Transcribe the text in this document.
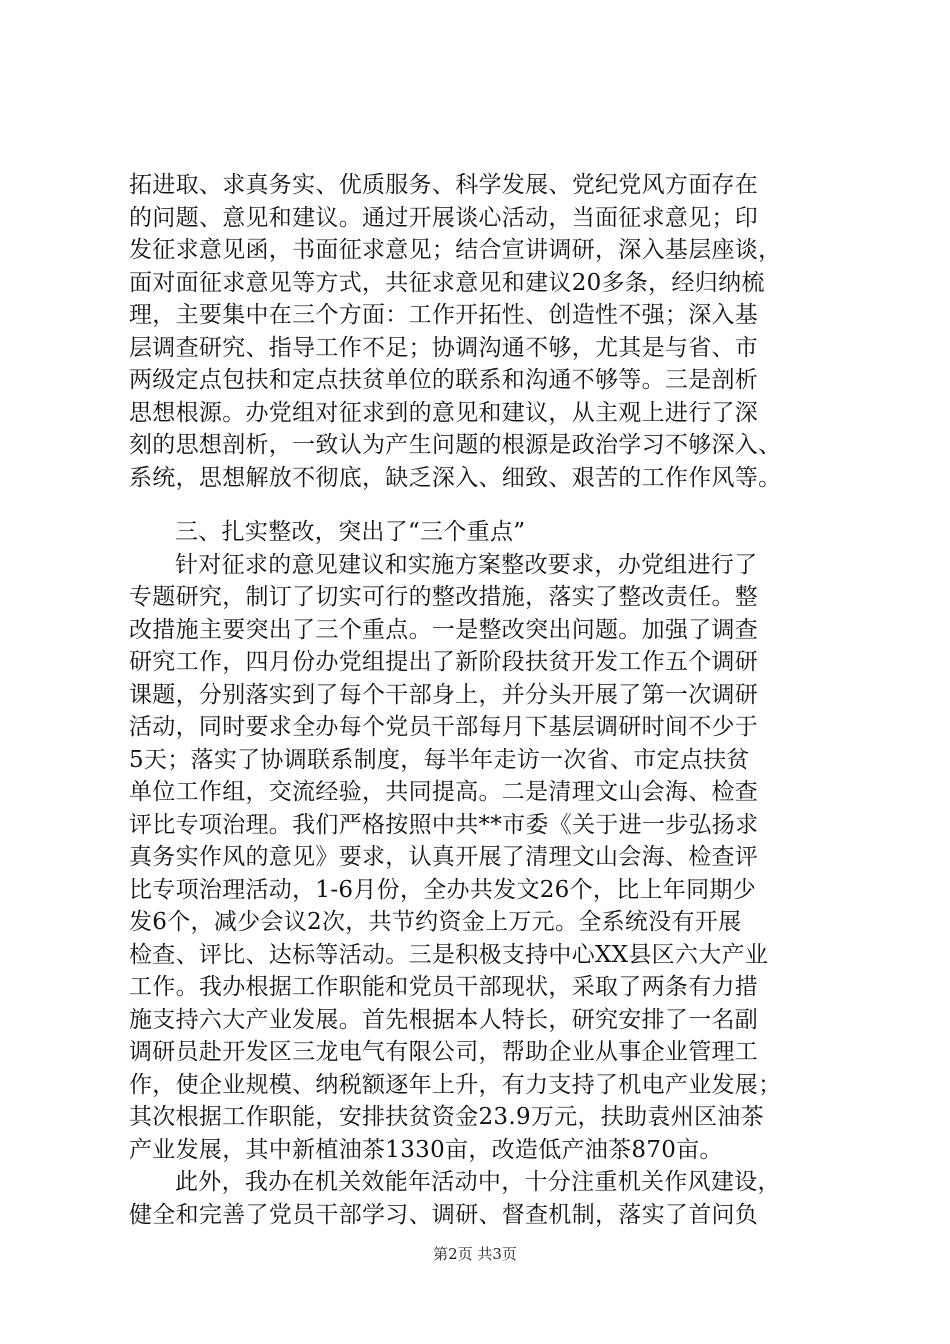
拓进取、求真务实、优质服务、科学发展、党纪党风方面存在
的问题、意见和建议。通过开展谈心活动，当面征求意见；印
发征求意见函，书面征求意见；结合宣讲调研，深入基层座谈，
面对面征求意见等方式，共征求意见和建议20多条，经归纳梳
理，主要集中在三个方面：工作开拓性、创造性不强；深入基
层调查研究、指导工作不足；协调沟通不够，尤其是与省、市
两级定点包扶和定点扶贫单位的联系和沟通不够等。三是剖析
思想根源。办党组对征求到的意见和建议，从主观上进行了深
刻的思想剖析，一致认为产生问题的根源是政治学习不够深入、
系统，思想解放不彻底，缺乏深入、细致、艰苦的工作作风等。
三、扎实整改，突出了“三个重点”
针对征求的意见建议和实施方案整改要求，办党组进行了
专题研究，制订了切实可行的整改措施，落实了整改责任。整
改措施主要突出了三个重点。一是整改突出问题。加强了调查
研究工作，四月份办党组提出了新阶段扶贫开发工作五个调研
课题，分别落实到了每个干部身上，并分头开展了第一次调研
活动，同时要求全办每个党员干部每月下基层调研时间不少于
5天；落实了协调联系制度，每半年走访一次省、市定点扶贫
单位工作组，交流经验，共同提高。二是清理文山会海、检查
评比专项治理。我们严格按照中共**市委《关于进一步弘扬求
真务实作风的意见》要求，认真开展了清理文山会海、检查评
比专项治理活动，1-6月份，全办共发文26个，比上年同期少
发6个，减少会议2次，共节约资金上万元。全系统没有开展
检查、评比、达标等活动。三是积极支持中心XX县区六大产业
工作。我办根据工作职能和党员干部现状，采取了两条有力措
施支持六大产业发展。首先根据本人特长，研究安排了一名副
调研员赴开发区三龙电气有限公司，帮助企业从事企业管理工
作，使企业规模、纳税额逐年上升，有力支持了机电产业发展；
其次根据工作职能，安排扶贫资金23.9万元，扶助袁州区油茶
产业发展，其中新植油茶1330亩，改造低产油茶870亩。
此外，我办在机关效能年活动中，十分注重机关作风建设，
健全和完善了党员干部学习、调研、督查机制，落实了首问负
第2页 共3页
